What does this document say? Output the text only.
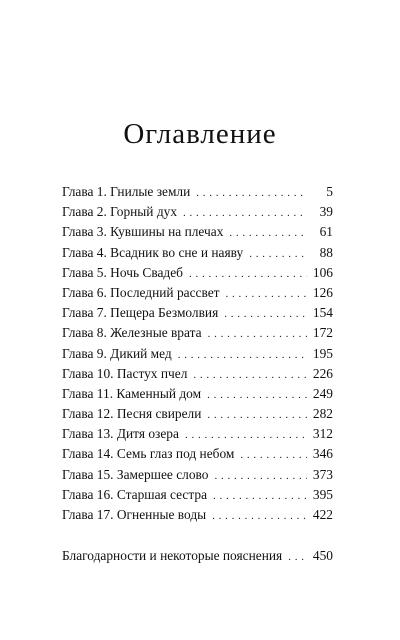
Оглавление
Глава 1. Гнилые земли . . .	5
Глава 2. Горный дух . . .	39
Глава 3. Кувшины на плечах . . .	61
Глава 4. Всадник во сне и наяву . . .	88
Глава 5. Ночь Свадеб . . .	106
Глава 6. Последний рассвет . . .	126
Глава 7. Пещера Безмолвия . . .	154
Глава 8. Железные врата . . .	172
Глава 9. Дикий мед . . .	195
Глава 10. Пастух пчел . . .	226
Глава 11. Каменный дом . . .	249
Глава 12. Песня свирели . . .	282
Глава 13. Дитя озера . . .	312
Глава 14. Семь глаз под небом . . .	346
Глава 15. Замершее слово . . .	373
Глава 16. Старшая сестра . . .	395
Глава 17. Огненные воды . . .	422
Благодарности и некоторые пояснения . . . 450
